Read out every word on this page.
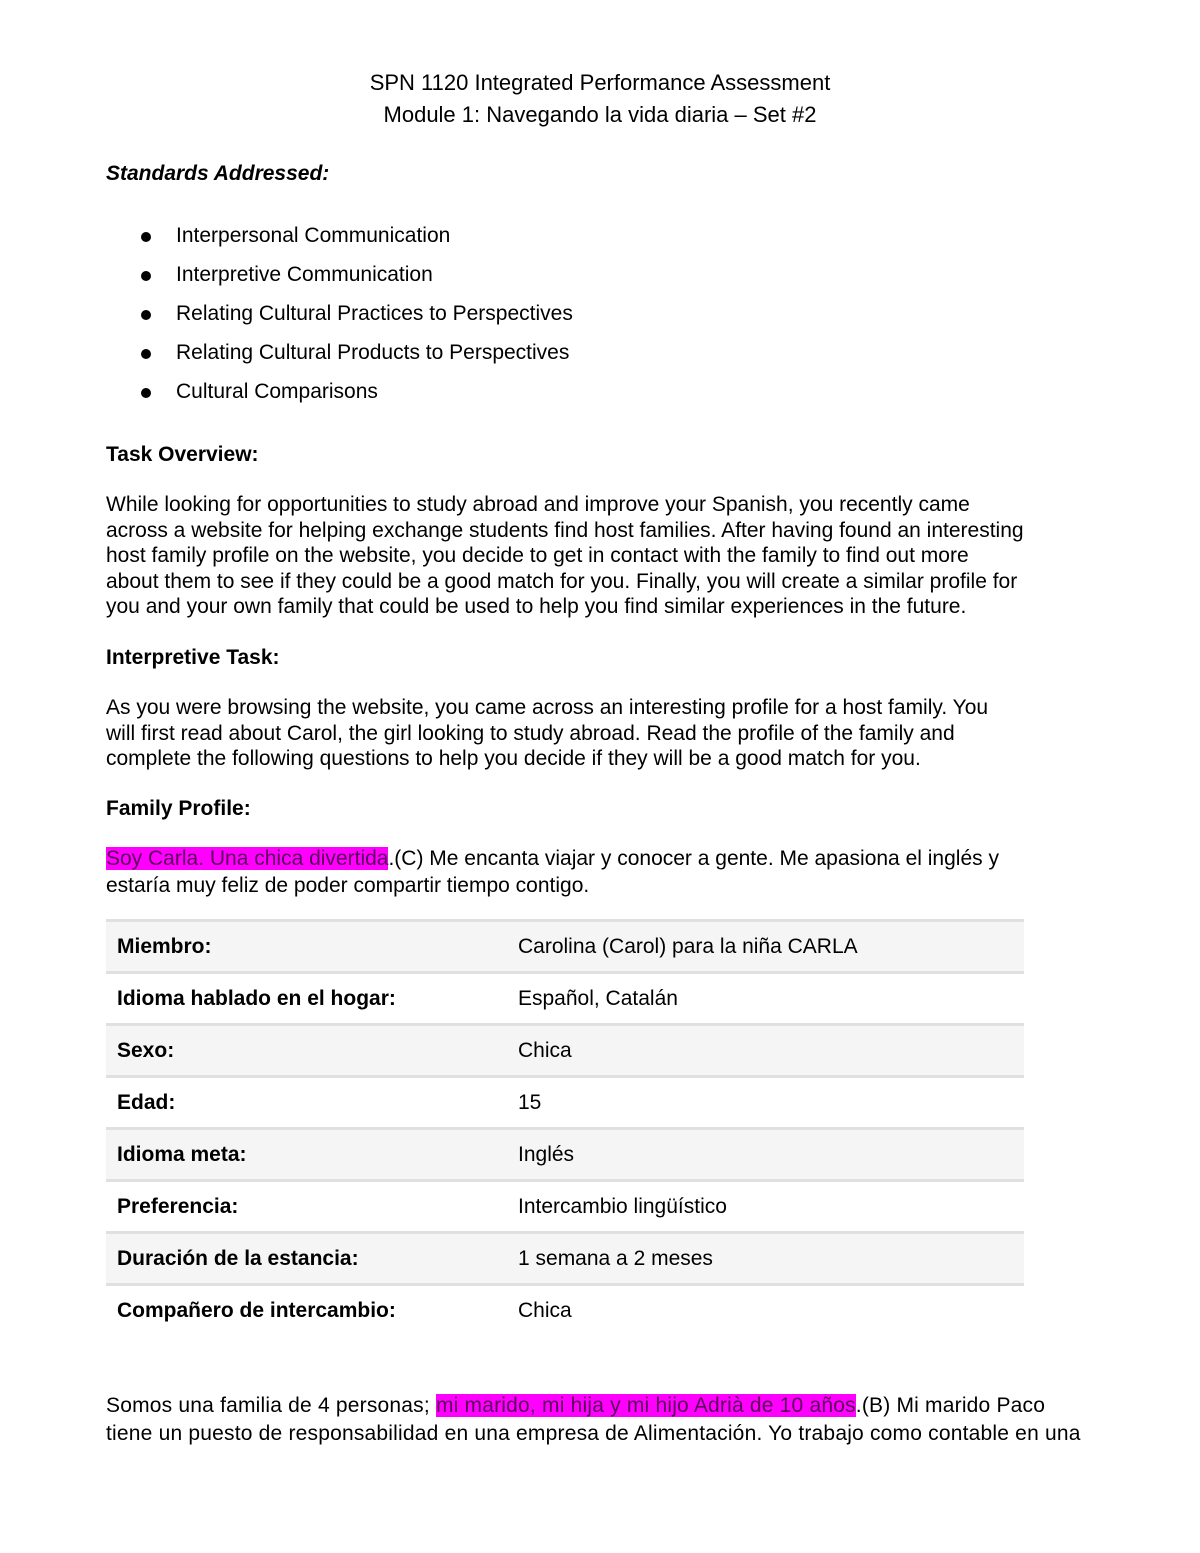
SPN 1120 Integrated Performance Assessment
Module 1: Navegando la vida diaria – Set #2
Standards Addressed:
Interpersonal Communication
Interpretive Communication
Relating Cultural Practices to Perspectives
Relating Cultural Products to Perspectives
Cultural Comparisons
Task Overview:
While looking for opportunities to study abroad and improve your Spanish, you recently came
across a website for helping exchange students find host families. After having found an interesting
host family profile on the website, you decide to get in contact with the family to find out more
about them to see if they could be a good match for you. Finally, you will create a similar profile for
you and your own family that could be used to help you find similar experiences in the future.
Interpretive Task:
As you were browsing the website, you came across an interesting profile for a host family. You
will first read about Carol, the girl looking to study abroad. Read the profile of the family and
complete the following questions to help you decide if they will be a good match for you.
Family Profile:
Soy Carla. Una chica divertida.(C) Me encanta viajar y conocer a gente. Me apasiona el inglés y
estaría muy feliz de poder compartir tiempo contigo.
Miembro:	Carolina (Carol) para la niña CARLA
Idioma hablado en el hogar:	Español, Catalán
Sexo:	Chica
Edad:	15
Idioma meta:	Inglés
Preferencia:	Intercambio lingüístico
Duración de la estancia:	1 semana a 2 meses
Compañero de intercambio:	Chica
Somos una familia de 4 personas; mi marido, mi hija y mi hijo Adrià de 10 años.(B) Mi marido Paco
tiene un puesto de responsabilidad en una empresa de Alimentación. Yo trabajo como contable en una
